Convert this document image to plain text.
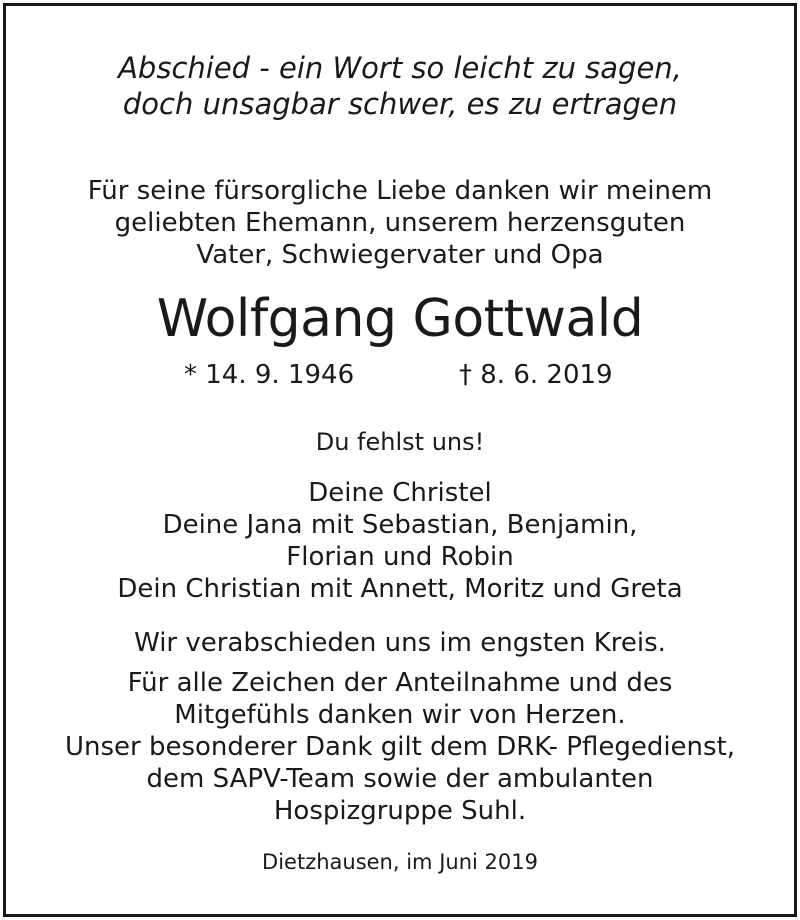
Abschied - ein Wort so leicht zu sagen,
doch unsagbar schwer, es zu ertragen
Für seine fürsorgliche Liebe danken wir meinem
geliebten Ehemann, unserem herzensguten
Vater, Schwiegervater und Opa
Wolfgang Gottwald
* 14. 9. 1946	† 8. 6. 2019
Du fehlst uns!
Deine Christel
Deine Jana mit Sebastian, Benjamin,
Florian und Robin
Dein Christian mit Annett, Moritz und Greta
Wir verabschieden uns im engsten Kreis.
Für alle Zeichen der Anteilnahme und des
Mitgefühls danken wir von Herzen.
Unser besonderer Dank gilt dem DRK- Pflegedienst,
dem SAPV-Team sowie der ambulanten
Hospizgruppe Suhl.
Dietzhausen, im Juni 2019
